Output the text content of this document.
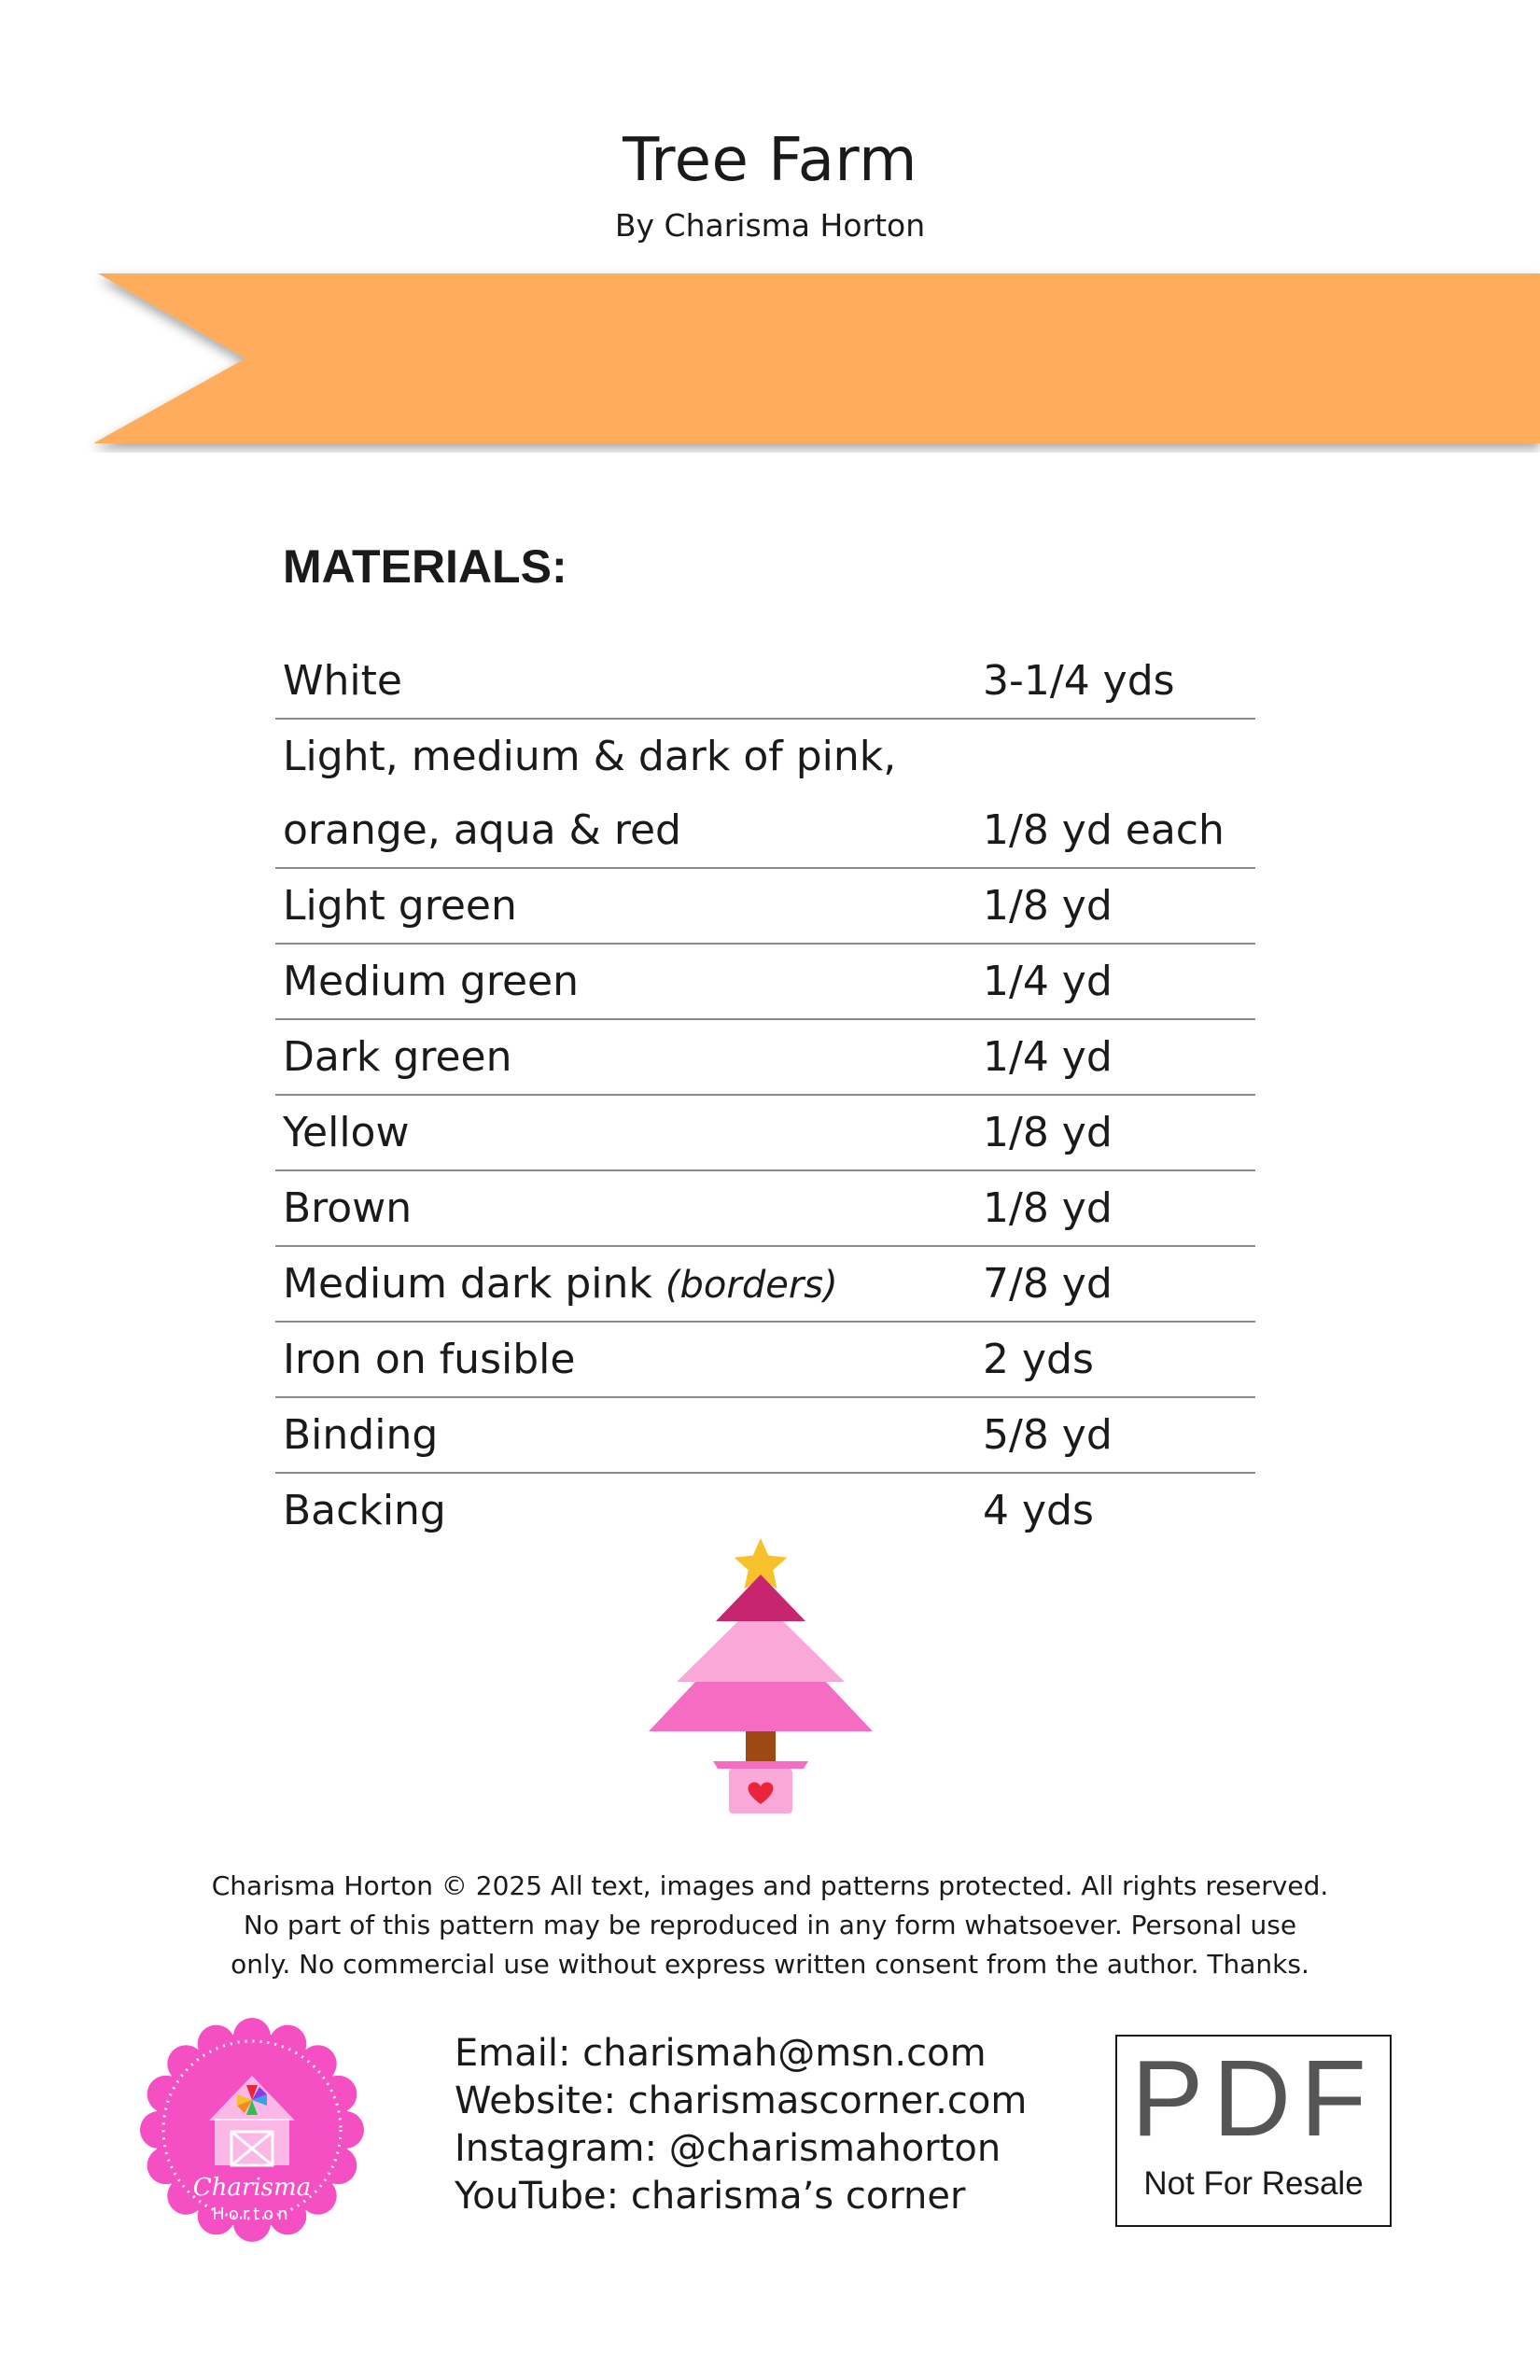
Tree Farm
By Charisma Horton
MATERIALS:
White	3-1/4 yds

Light, medium & dark of pink,
orange, aqua & red	1/8 yd each

Light green	1/8 yd
Medium green	1/4 yd
Dark green	1/4 yd
Yellow	1/8 yd
Brown	1/8 yd
Medium dark pink (borders)	7/8 yd
Iron on fusible	2 yds
Binding	5/8 yd
Backing	4 yds
Charisma Horton © 2025 All text, images and patterns protected. All rights reserved.
No part of this pattern may be reproduced in any form whatsoever. Personal use
only. No commercial use without express written consent from the author. Thanks.
Charisma
Horton
Email: charismah@msn.com
Website: charismascorner.com
Instagram: @charismahorton
YouTube: charisma’s corner
PDF
Not For Resale
